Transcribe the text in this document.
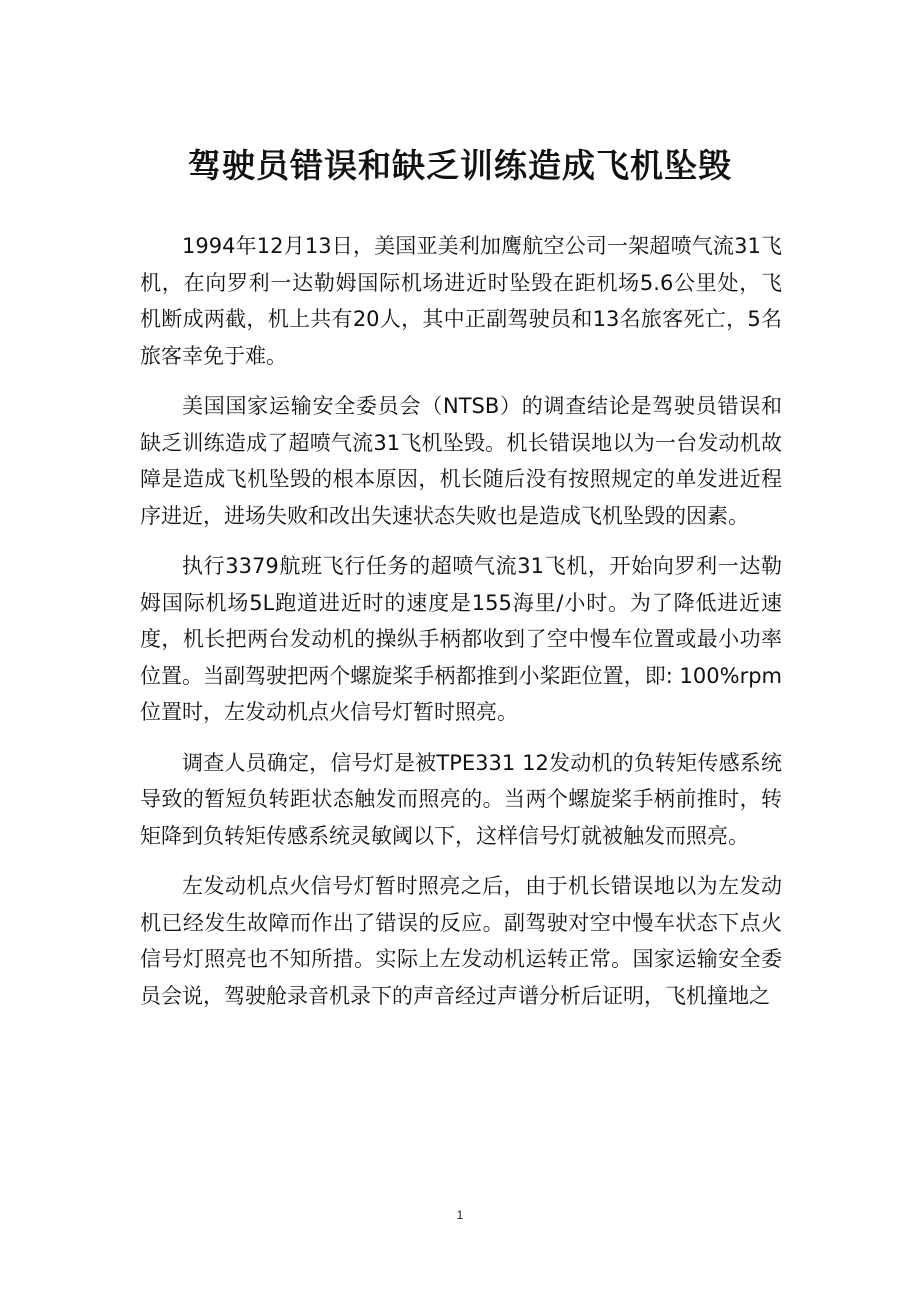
驾驶员错误和缺乏训练造成飞机坠毁

1994年12月13日，美国亚美利加鹰航空公司一架超喷气流31飞机，在向罗利一达勒姆国际机场进近时坠毁在距机场5.6公里处，飞机断成两截，机上共有20人，其中正副驾驶员和13名旅客死亡，5名旅客幸免于难。

美国国家运输安全委员会（NTSB）的调查结论是驾驶员错误和缺乏训练造成了超喷气流31飞机坠毁。机长错误地以为一台发动机故障是造成飞机坠毁的根本原因，机长随后没有按照规定的单发进近程序进近，进场失败和改出失速状态失败也是造成飞机坠毁的因素。

执行3379航班飞行任务的超喷气流31飞机，开始向罗利一达勒姆国际机场5L跑道进近时的速度是155海里/小时。为了降低进近速度，机长把两台发动机的操纵手柄都收到了空中慢车位置或最小功率位置。当副驾驶把两个螺旋桨手柄都推到小桨距位置，即: 100%rpm位置时，左发动机点火信号灯暂时照亮。

调查人员确定，信号灯是被TPE331 12发动机的负转矩传感系统导致的暂短负转距状态触发而照亮的。当两个螺旋桨手柄前推时，转矩降到负转矩传感系统灵敏阈以下，这样信号灯就被触发而照亮。

左发动机点火信号灯暂时照亮之后，由于机长错误地以为左发动机已经发生故障而作出了错误的反应。副驾驶对空中慢车状态下点火信号灯照亮也不知所措。实际上左发动机运转正常。国家运输安全委员会说，驾驶舱录音机录下的声音经过声谱分析后证明，飞机撞地之

1
